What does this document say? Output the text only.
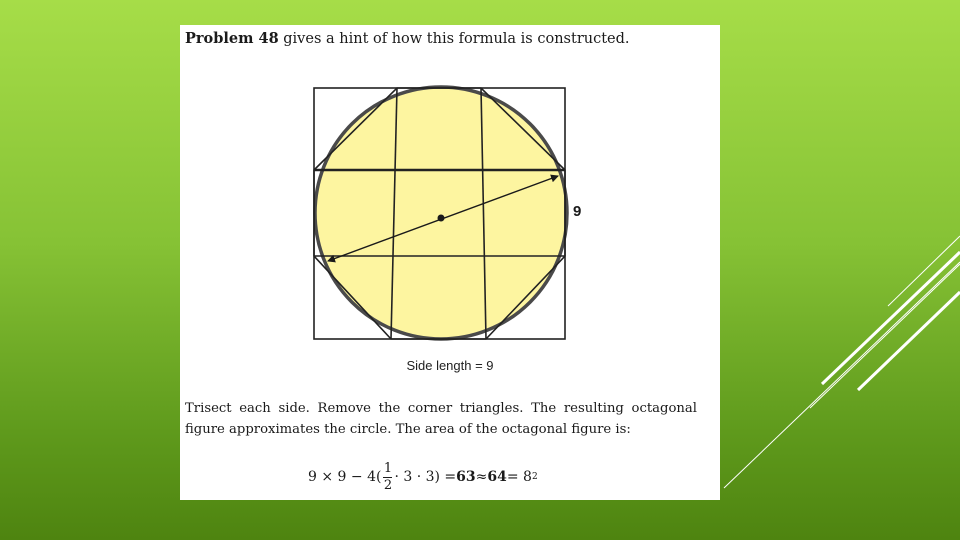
Problem 48 gives a hint of how this formula is constructed.
9
Side length = 9
Trisect each side. Remove the corner triangles. The resulting octagonal figure approximates the circle. The area of the octagonal figure is:
$9 \times 9 - 4( \frac{1}{2} \cdot 3 \cdot 3) = 63 \approx 64 = 8$ 2
